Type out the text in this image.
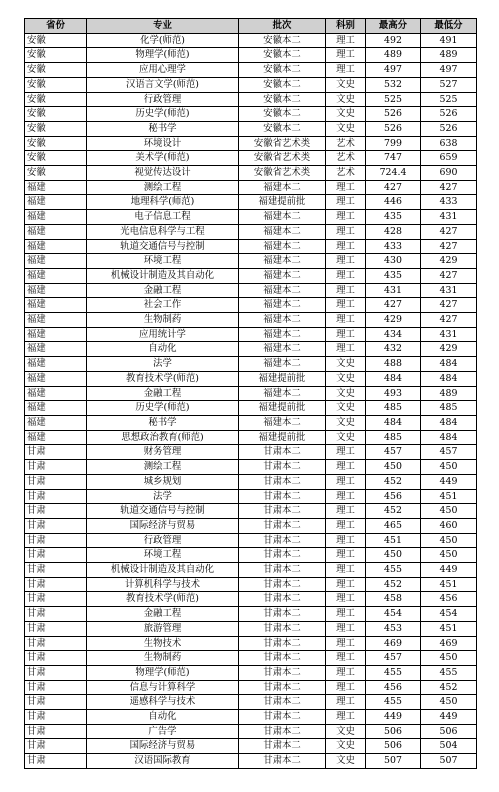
省份	专业	批次	科别	最高分	最低分
安徽	化学(师范)	安徽本二	理工	492	491
安徽	物理学(师范)	安徽本二	理工	489	489
安徽	应用心理学	安徽本二	理工	497	497
安徽	汉语言文学(师范)	安徽本二	文史	532	527
安徽	行政管理	安徽本二	文史	525	525
安徽	历史学(师范)	安徽本二	文史	526	526
安徽	秘书学	安徽本二	文史	526	526
安徽	环境设计	安徽省艺术类	艺术	799	638
安徽	美术学(师范)	安徽省艺术类	艺术	747	659
安徽	视觉传达设计	安徽省艺术类	艺术	724.4	690
福建	测绘工程	福建本二	理工	427	427
福建	地理科学(师范)	福建提前批	理工	446	433
福建	电子信息工程	福建本二	理工	435	431
福建	光电信息科学与工程	福建本二	理工	428	427
福建	轨道交通信号与控制	福建本二	理工	433	427
福建	环境工程	福建本二	理工	430	429
福建	机械设计制造及其自动化	福建本二	理工	435	427
福建	金融工程	福建本二	理工	431	431
福建	社会工作	福建本二	理工	427	427
福建	生物制药	福建本二	理工	429	427
福建	应用统计学	福建本二	理工	434	431
福建	自动化	福建本二	理工	432	429
福建	法学	福建本二	文史	488	484
福建	教育技术学(师范)	福建提前批	文史	484	484
福建	金融工程	福建本二	文史	493	489
福建	历史学(师范)	福建提前批	文史	485	485
福建	秘书学	福建本二	文史	484	484
福建	思想政治教育(师范)	福建提前批	文史	485	484
甘肃	财务管理	甘肃本二	理工	457	457
甘肃	测绘工程	甘肃本二	理工	450	450
甘肃	城乡规划	甘肃本二	理工	452	449
甘肃	法学	甘肃本二	理工	456	451
甘肃	轨道交通信号与控制	甘肃本二	理工	452	450
甘肃	国际经济与贸易	甘肃本二	理工	465	460
甘肃	行政管理	甘肃本二	理工	451	450
甘肃	环境工程	甘肃本二	理工	450	450
甘肃	机械设计制造及其自动化	甘肃本二	理工	455	449
甘肃	计算机科学与技术	甘肃本二	理工	452	451
甘肃	教育技术学(师范)	甘肃本二	理工	458	456
甘肃	金融工程	甘肃本二	理工	454	454
甘肃	旅游管理	甘肃本二	理工	453	451
甘肃	生物技术	甘肃本二	理工	469	469
甘肃	生物制药	甘肃本二	理工	457	450
甘肃	物理学(师范)	甘肃本二	理工	455	455
甘肃	信息与计算科学	甘肃本二	理工	456	452
甘肃	遥感科学与技术	甘肃本二	理工	455	450
甘肃	自动化	甘肃本二	理工	449	449
甘肃	广告学	甘肃本二	文史	506	506
甘肃	国际经济与贸易	甘肃本二	文史	506	504
甘肃	汉语国际教育	甘肃本二	文史	507	507
